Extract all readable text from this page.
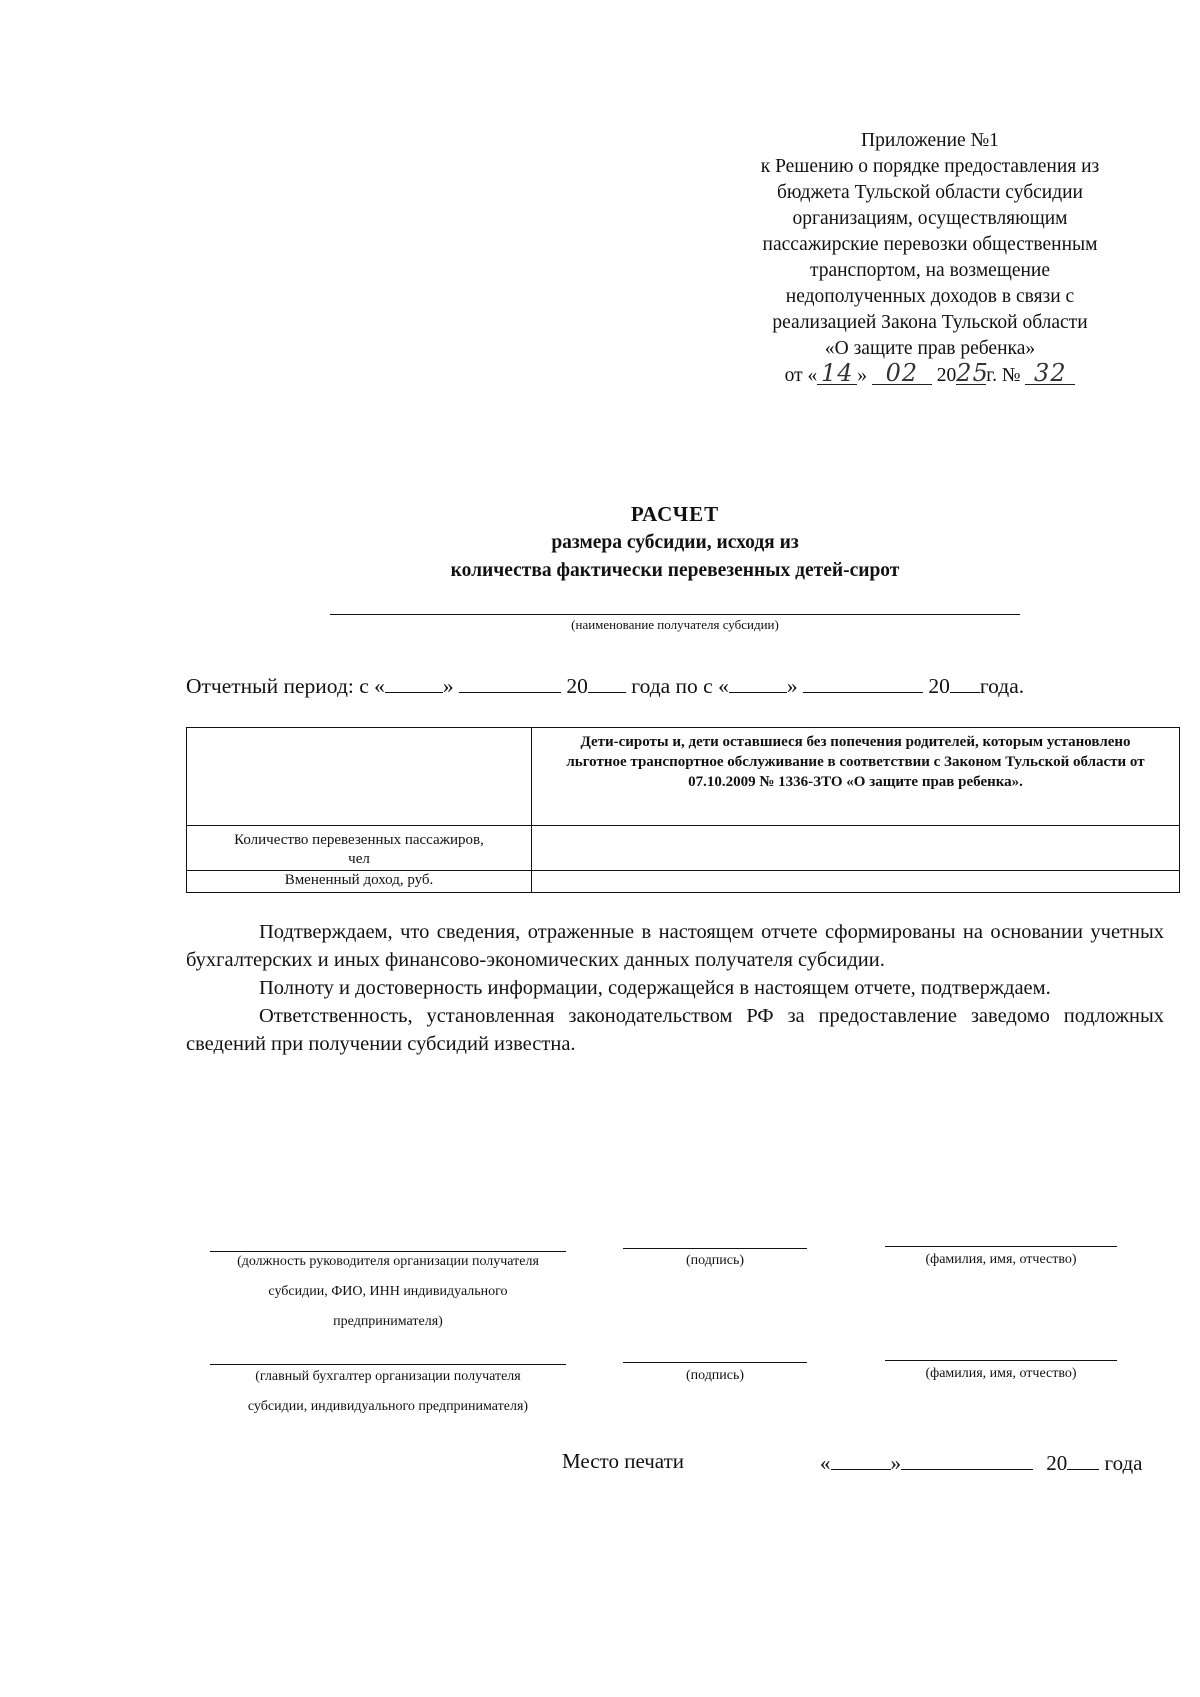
Приложение №1
к Решению о порядке предоставления из
бюджета Тульской области субсидии
организациям, осуществляющим
пассажирские перевозки общественным
транспортом, на возмещение
недополученных доходов в связи с
реализацией Закона Тульской области
«О защите прав ребенка»
от « 14 » 02 2025г. № 32
РАСЧЕТ
размера субсидии, исходя из
количества фактически перевезенных детей-сирот
(наименование получателя субсидии)
Отчетный период: с «	»	20 года по с «	»	20 года.
	Дети-сироты и, дети оставшиеся без попечения родителей, которым установлено льготное транспортное обслуживание в соответствии с Законом Тульской области от 07.10.2009 № 1336-ЗТО «О защите прав ребенка».

Количество перевезенных пассажиров,
чел	

Вмененный доход, руб.	

Подтверждаем, что сведения, отраженные в настоящем отчете сформированы на основании учетных бухгалтерских и иных финансово-экономических данных получателя субсидии.

Полноту и достоверность информации, содержащейся в настоящем отчете, подтверждаем.

Ответственность, установленная законодательством РФ за предоставление заведомо подложных сведений при получении субсидий известна.

(должность руководителя организации получателя
субсидии, ФИО, ИНН индивидуального
предпринимателя)
(подпись)	(фамилия, имя, отчество)
(главный бухгалтер организации получателя
субсидии, индивидуального предпринимателя)
(подпись)	(фамилия, имя, отчество)
Место печати	«	»	20 года
